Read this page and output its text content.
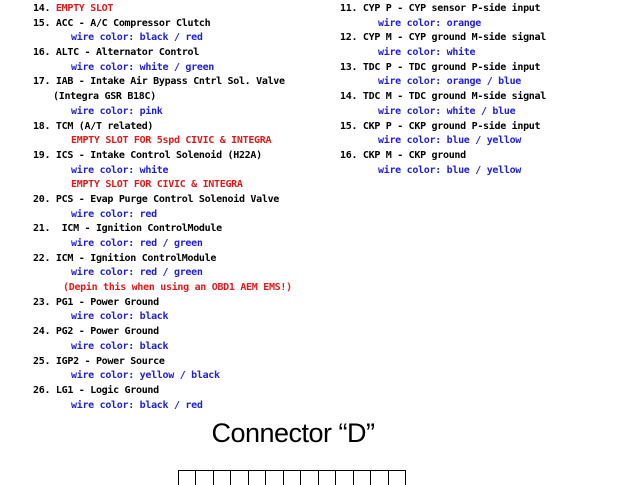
14. EMPTY SLOT
15. ACC - A/C Compressor Clutch
wire color: black / red
16. ALTC - Alternator Control
wire color: white / green
17. IAB - Intake Air Bypass Cntrl Sol. Valve
(Integra GSR B18C)
wire color: pink
18. TCM (A/T related)
EMPTY SLOT FOR 5spd CIVIC & INTEGRA
19. ICS - Intake Control Solenoid (H22A)
wire color: white
EMPTY SLOT FOR CIVIC & INTEGRA
20. PCS - Evap Purge Control Solenoid Valve
wire color: red
21.  ICM - Ignition ControlModule
wire color: red / green
22. ICM - Ignition ControlModule
wire color: red / green
(Depin this when using an OBD1 AEM EMS!)
23. PG1 - Power Ground
wire color: black
24. PG2 - Power Ground
wire color: black
25. IGP2 - Power Source
wire color: yellow / black
26. LG1 - Logic Ground
wire color: black / red
11. CYP P - CYP sensor P-side input
wire color: orange
12. CYP M - CYP ground M-side signal
wire color: white
13. TDC P - TDC ground P-side input
wire color: orange / blue
14. TDC M - TDC ground M-side signal
wire color: white / blue
15. CKP P - CKP ground P-side input
wire color: blue / yellow
16. CKP M - CKP ground
wire color: blue / yellow
Connector “D”
